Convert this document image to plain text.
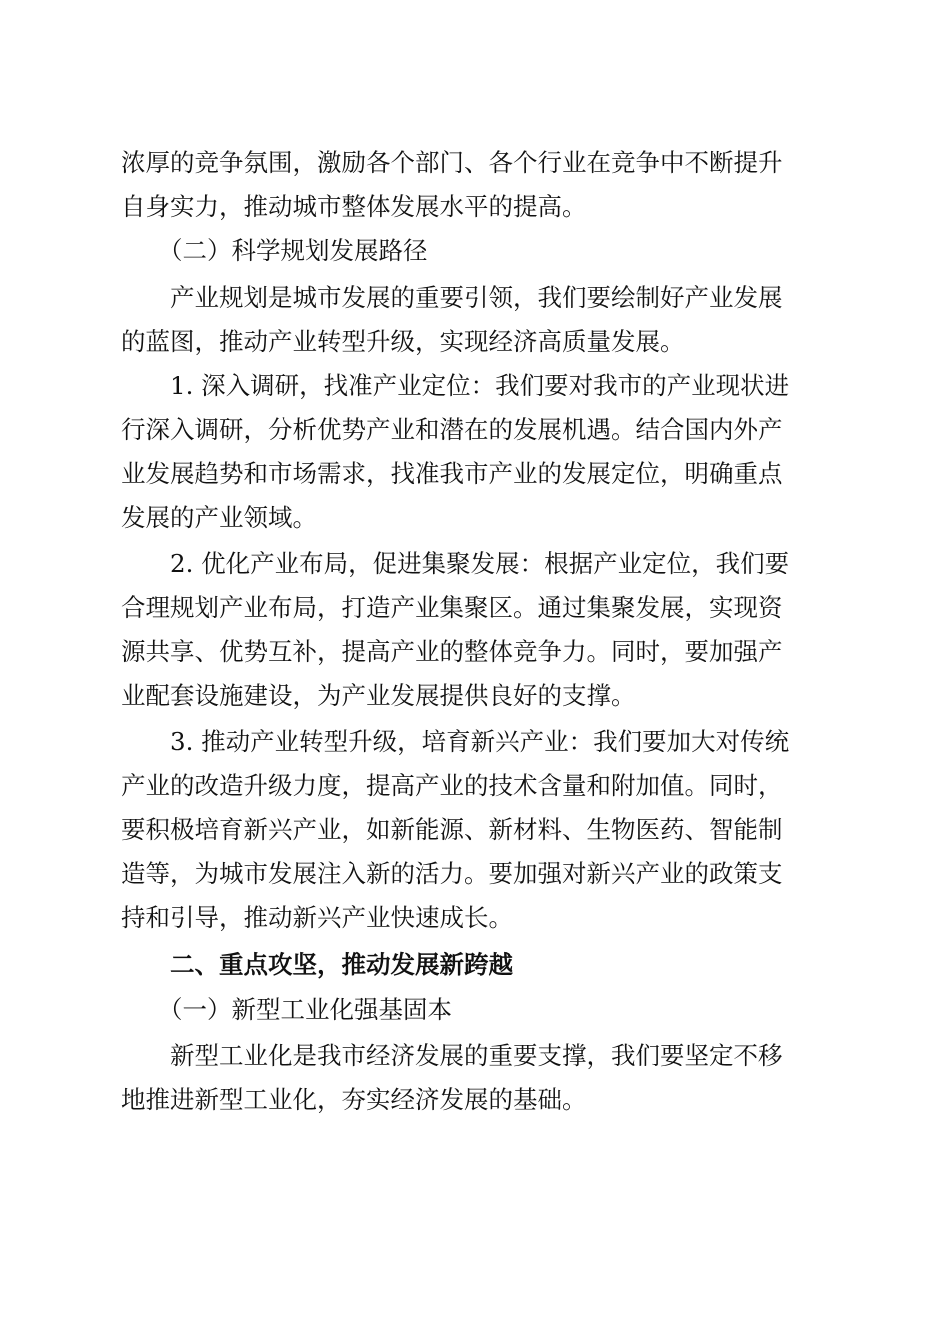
浓厚的竞争氛围，激励各个部门、各个行业在竞争中不断提升

自身实力，推动城市整体发展水平的提高。

（二）科学规划发展路径

产业规划是城市发展的重要引领，我们要绘制好产业发展

的蓝图，推动产业转型升级，实现经济高质量发展。

1. 深入调研，找准产业定位：我们要对我市的产业现状进

行深入调研，分析优势产业和潜在的发展机遇。结合国内外产

业发展趋势和市场需求，找准我市产业的发展定位，明确重点

发展的产业领域。

2. 优化产业布局，促进集聚发展：根据产业定位，我们要

合理规划产业布局，打造产业集聚区。通过集聚发展，实现资

源共享、优势互补，提高产业的整体竞争力。同时，要加强产

业配套设施建设，为产业发展提供良好的支撑。

3. 推动产业转型升级，培育新兴产业：我们要加大对传统

产业的改造升级力度，提高产业的技术含量和附加值。同时，

要积极培育新兴产业，如新能源、新材料、生物医药、智能制

造等，为城市发展注入新的活力。要加强对新兴产业的政策支

持和引导，推动新兴产业快速成长。

二、重点攻坚，推动发展新跨越

（一）新型工业化强基固本

新型工业化是我市经济发展的重要支撑，我们要坚定不移

地推进新型工业化，夯实经济发展的基础。
